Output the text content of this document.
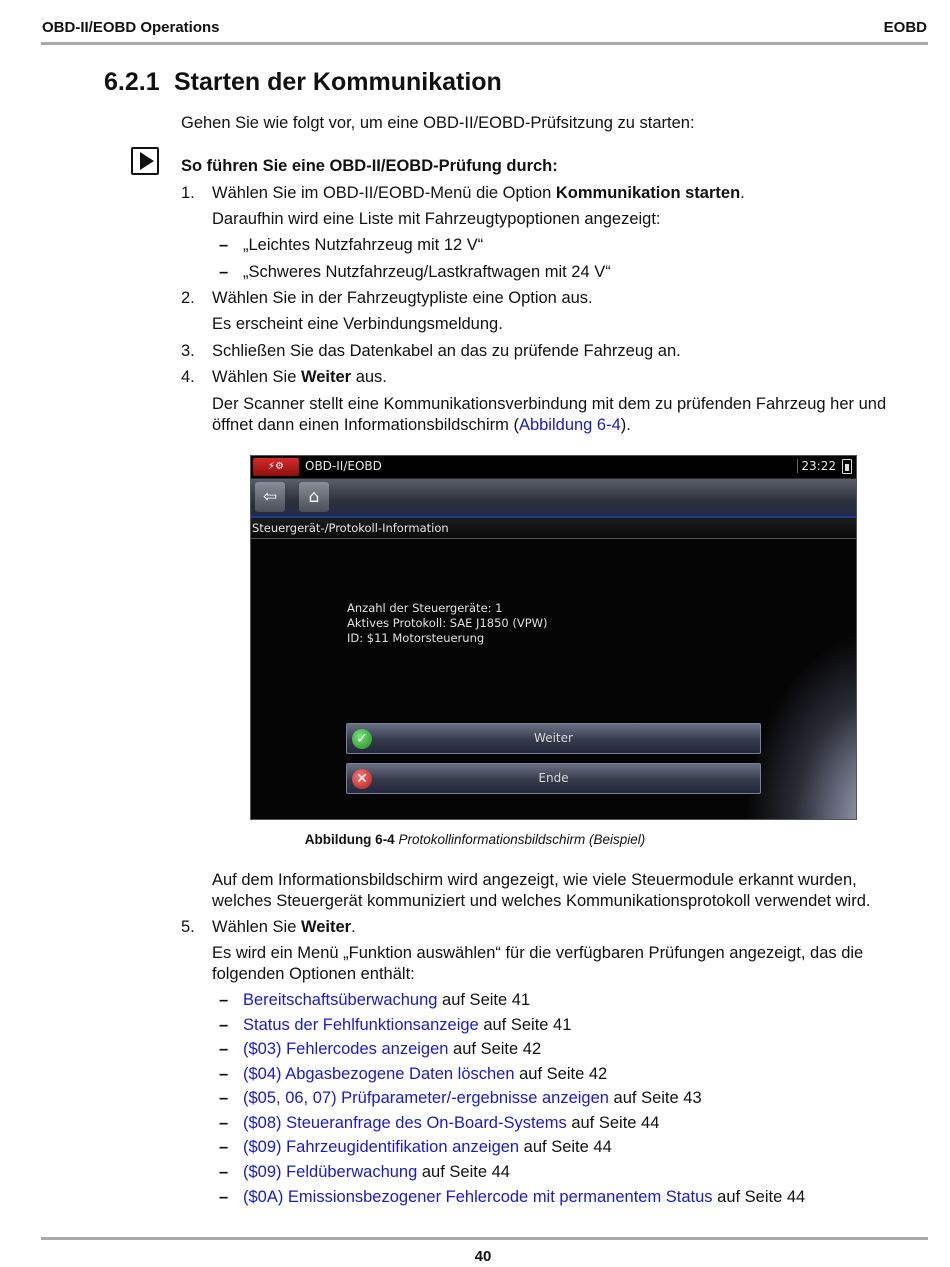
OBD-II/EOBD Operations	EOBD
6.2.1 Starten der Kommunikation

Gehen Sie wie folgt vor, um eine OBD-II/EOBD-Prüfsitzung zu starten:

So führen Sie eine OBD-II/EOBD-Prüfung durch:

1. Wählen Sie im OBD-II/EOBD-Menü die Option Kommunikation starten.

Daraufhin wird eine Liste mit Fahrzeugtypoptionen angezeigt:

– „Leichtes Nutzfahrzeug mit 12 V“

– „Schweres Nutzfahrzeug/Lastkraftwagen mit 24 V“

2. Wählen Sie in der Fahrzeugtypliste eine Option aus.

Es erscheint eine Verbindungsmeldung.

3. Schließen Sie das Datenkabel an das zu prüfende Fahrzeug an.

4. Wählen Sie Weiter aus.

Der Scanner stellt eine Kommunikationsverbindung mit dem zu prüfenden Fahrzeug her und
öffnet dann einen Informationsbildschirm (Abbildung 6-4).

⚡⚙	OBD-II/EOBD	23:22
⇦	⌂
Steuergerät-/Protokoll-Information
Anzahl der Steuergeräte: 1
Aktives Protokoll: SAE J1850 (VPW)
ID: $11 Motorsteuerung
✓	Weiter
✕	Ende
Abbildung 6-4 Protokollinformationsbildschirm (Beispiel)

Auf dem Informationsbildschirm wird angezeigt, wie viele Steuermodule erkannt wurden,
welches Steuergerät kommuniziert und welches Kommunikationsprotokoll verwendet wird.

5. Wählen Sie Weiter.

Es wird ein Menü „Funktion auswählen“ für die verfügbaren Prüfungen angezeigt, das die
folgenden Optionen enthält:

– Bereitschaftsüberwachung auf Seite 41

– Status der Fehlfunktionsanzeige auf Seite 41

– ($03) Fehlercodes anzeigen auf Seite 42

– ($04) Abgasbezogene Daten löschen auf Seite 42

– ($05, 06, 07) Prüfparameter/-ergebnisse anzeigen auf Seite 43

– ($08) Steueranfrage des On-Board-Systems auf Seite 44

– ($09) Fahrzeugidentifikation anzeigen auf Seite 44

– ($09) Feldüberwachung auf Seite 44

– ($0A) Emissionsbezogener Fehlercode mit permanentem Status auf Seite 44

40
